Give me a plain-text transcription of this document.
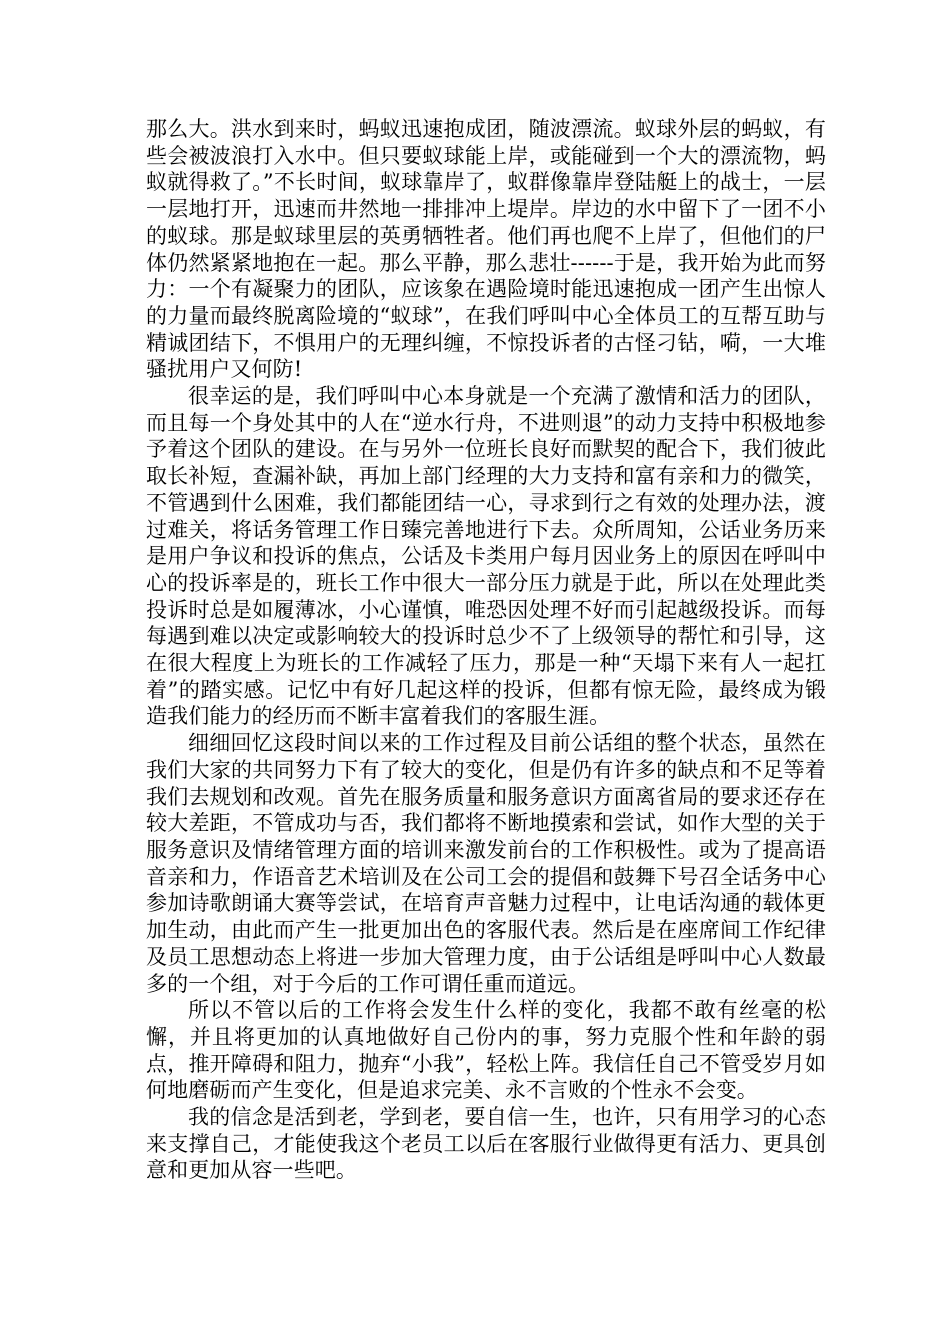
那么大。洪水到来时，蚂蚁迅速抱成团，随波漂流。蚁球外层的蚂蚁，有些会被波浪打入水中。但只要蚁球能上岸，或能碰到一个大的漂流物，蚂蚁就得救了。”不长时间，蚁球靠岸了，蚁群像靠岸登陆艇上的战士，一层一层地打开，迅速而井然地一排排冲上堤岸。岸边的水中留下了一团不小的蚁球。那是蚁球里层的英勇牺牲者。他们再也爬不上岸了，但他们的尸体仍然紧紧地抱在一起。那么平静，那么悲壮------于是，我开始为此而努力：一个有凝聚力的团队，应该象在遇险境时能迅速抱成一团产生出惊人的力量而最终脱离险境的“蚁球”，在我们呼叫中心全体员工的互帮互助与精诚团结下，不惧用户的无理纠缠，不惊投诉者的古怪刁钻，嗬，一大堆骚扰用户又何防!

很幸运的是，我们呼叫中心本身就是一个充满了激情和活力的团队，而且每一个身处其中的人在“逆水行舟，不进则退”的动力支持中积极地参予着这个团队的建设。在与另外一位班长良好而默契的配合下，我们彼此取长补短，查漏补缺，再加上部门经理的大力支持和富有亲和力的微笑，不管遇到什么困难，我们都能团结一心，寻求到行之有效的处理办法，渡过难关，将话务管理工作日臻完善地进行下去。众所周知，公话业务历来是用户争议和投诉的焦点，公话及卡类用户每月因业务上的原因在呼叫中心的投诉率是的，班长工作中很大一部分压力就是于此，所以在处理此类投诉时总是如履薄冰，小心谨慎，唯恐因处理不好而引起越级投诉。而每每遇到难以决定或影响较大的投诉时总少不了上级领导的帮忙和引导，这在很大程度上为班长的工作减轻了压力，那是一种“天塌下来有人一起扛着”的踏实感。记忆中有好几起这样的投诉，但都有惊无险，最终成为锻造我们能力的经历而不断丰富着我们的客服生涯。

细细回忆这段时间以来的工作过程及目前公话组的整个状态，虽然在我们大家的共同努力下有了较大的变化，但是仍有许多的缺点和不足等着我们去规划和改观。首先在服务质量和服务意识方面离省局的要求还存在较大差距，不管成功与否，我们都将不断地摸索和尝试，如作大型的关于服务意识及情绪管理方面的培训来激发前台的工作积极性。或为了提高语音亲和力，作语音艺术培训及在公司工会的提倡和鼓舞下号召全话务中心参加诗歌朗诵大赛等尝试，在培育声音魅力过程中，让电话沟通的载体更加生动，由此而产生一批更加出色的客服代表。然后是在座席间工作纪律及员工思想动态上将进一步加大管理力度，由于公话组是呼叫中心人数最多的一个组，对于今后的工作可谓任重而道远。

所以不管以后的工作将会发生什么样的变化，我都不敢有丝毫的松懈，并且将更加的认真地做好自己份内的事，努力克服个性和年龄的弱点，推开障碍和阻力，抛弃“小我”，轻松上阵。我信任自己不管受岁月如何地磨砺而产生变化，但是追求完美、永不言败的个性永不会变。

我的信念是活到老，学到老，要自信一生，也许，只有用学习的心态来支撑自己，才能使我这个老员工以后在客服行业做得更有活力、更具创意和更加从容一些吧。
